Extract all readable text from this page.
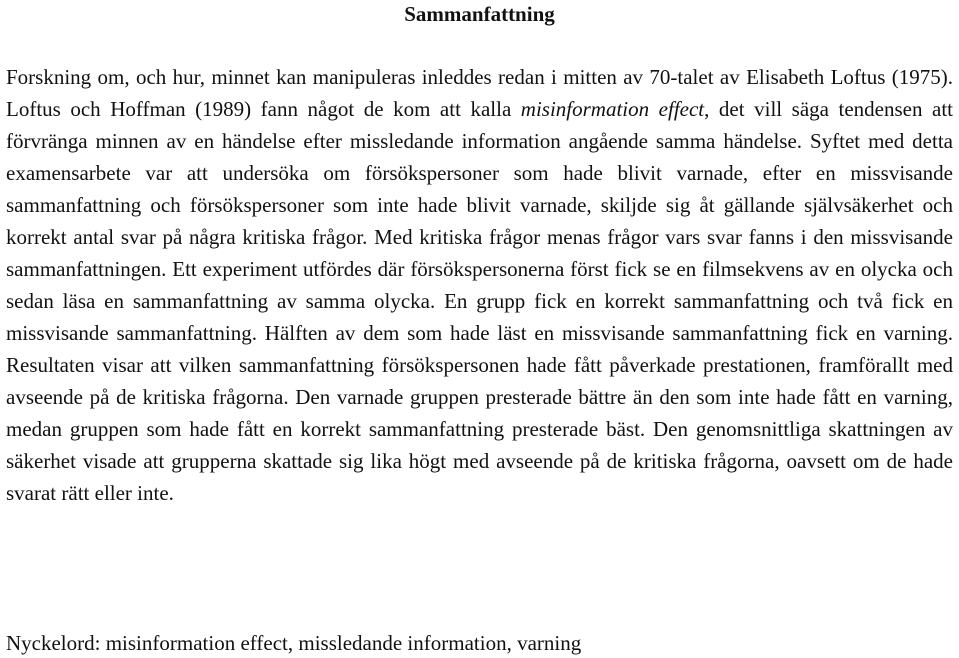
Sammanfattning

Forskning om, och hur, minnet kan manipuleras inleddes redan i mitten av 70-talet av Elisabeth Loftus (1975). Loftus och Hoffman (1989) fann något de kom att kalla misinformation effect, det vill säga tendensen att förvränga minnen av en händelse efter missledande information angående samma händelse. Syftet med detta examensarbete var att undersöka om försökspersoner som hade blivit varnade, efter en missvisande sammanfattning och försökspersoner som inte hade blivit varnade, skiljde sig åt gällande självsäkerhet och korrekt antal svar på några kritiska frågor. Med kritiska frågor menas frågor vars svar fanns i den missvisande sammanfattningen. Ett experiment utfördes där försökspersonerna först fick se en filmsekvens av en olycka och sedan läsa en sammanfattning av samma olycka. En grupp fick en korrekt sammanfattning och två fick en missvisande sammanfattning. Hälften av dem som hade läst en missvisande sammanfattning fick en varning. Resultaten visar att vilken sammanfattning försökspersonen hade fått påverkade prestationen, framförallt med avseende på de kritiska frågorna. Den varnade gruppen presterade bättre än den som inte hade fått en varning, medan gruppen som hade fått en korrekt sammanfattning presterade bäst. Den genomsnittliga skattningen av säkerhet visade att grupperna skattade sig lika högt med avseende på de kritiska frågorna, oavsett om de hade svarat rätt eller inte.

Nyckelord: misinformation effect, missledande information, varning
